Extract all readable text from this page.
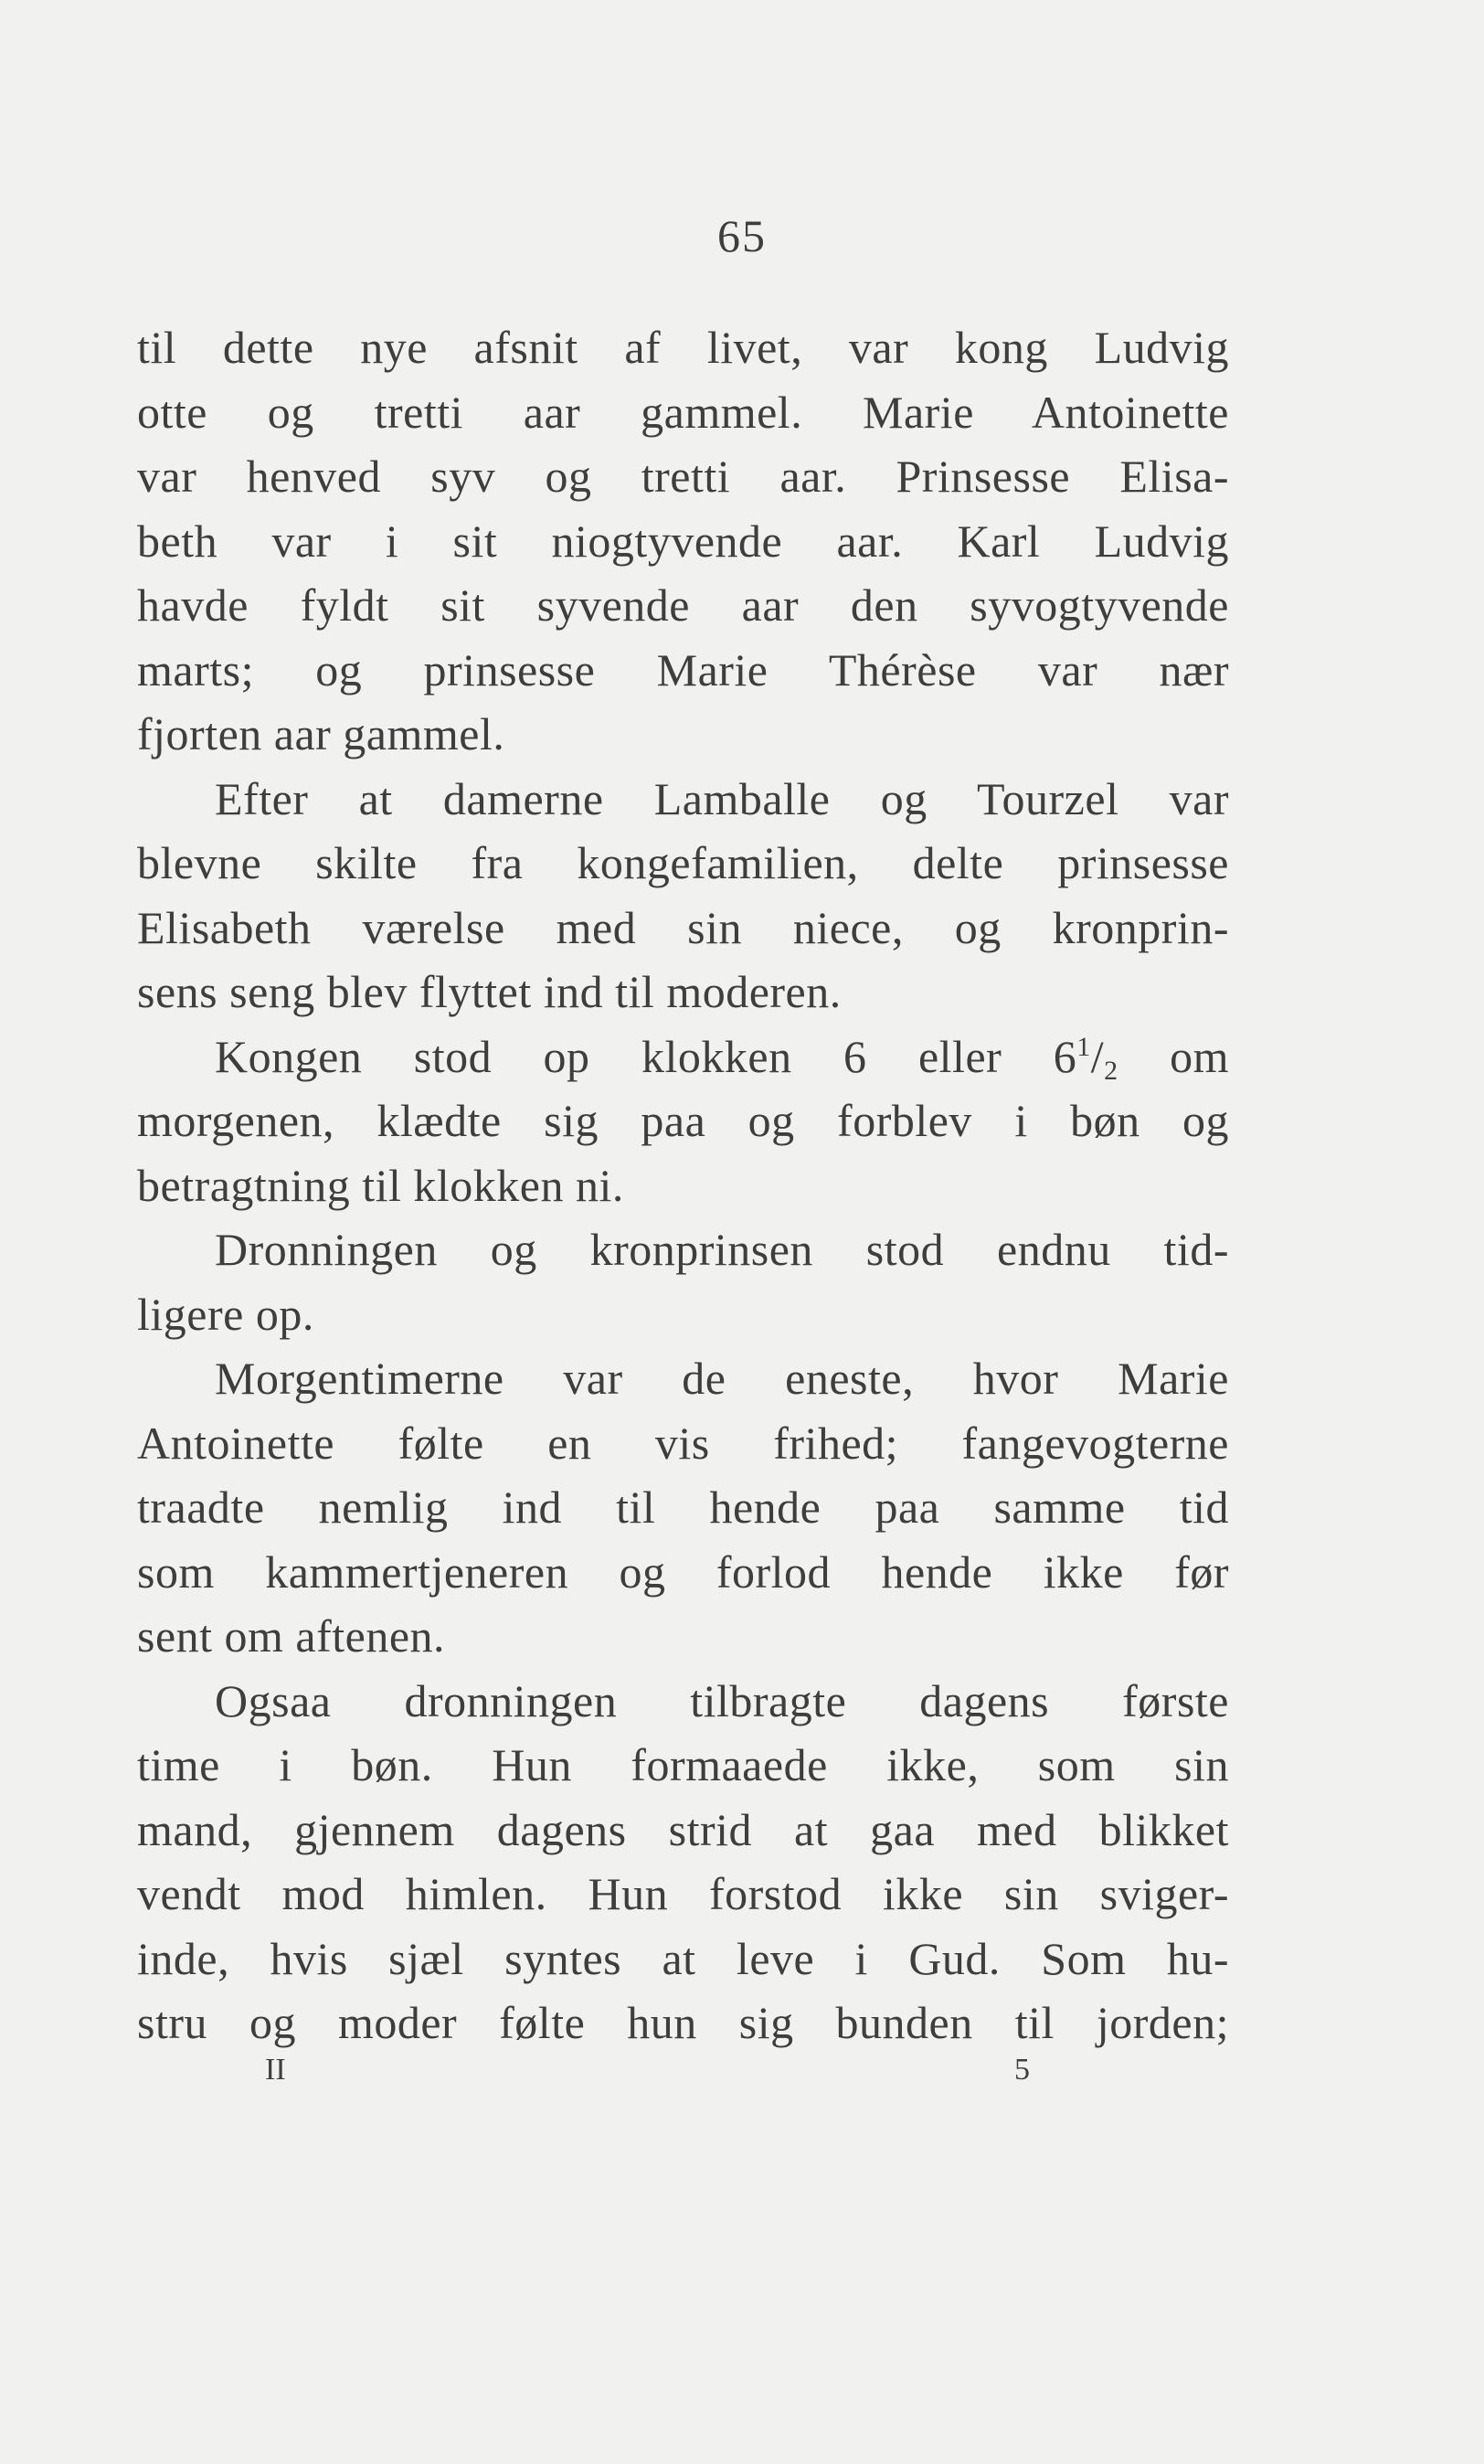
65
til dette nye afsnit af livet, var kong Ludvig
otte og tretti aar gammel. Marie Antoinette
var henved syv og tretti aar. Prinsesse Elisa-
beth var i sit niogtyvende aar. Karl Ludvig
havde fyldt sit syvende aar den syvogtyvende
marts; og prinsesse Marie Thérèse var nær
fjorten aar gammel.
Efter at damerne Lamballe og Tourzel var
blevne skilte fra kongefamilien, delte prinsesse
Elisabeth værelse med sin niece, og kronprin-
sens seng blev flyttet ind til moderen.
Kongen stod op klokken 6 eller $6^1/_2$ om
morgenen, klædte sig paa og forblev i bøn og
betragtning til klokken ni.
Dronningen og kronprinsen stod endnu tid-
ligere op.
Morgentimerne var de eneste, hvor Marie
Antoinette følte en vis frihed; fangevogterne
traadte nemlig ind til hende paa samme tid
som kammertjeneren og forlod hende ikke før
sent om aftenen.
Ogsaa dronningen tilbragte dagens første
time i bøn. Hun formaaede ikke, som sin
mand, gjennem dagens strid at gaa med blikket
vendt mod himlen. Hun forstod ikke sin sviger-
inde, hvis sjæl syntes at leve i Gud. Som hu-
stru og moder følte hun sig bunden til jorden;
II	5
